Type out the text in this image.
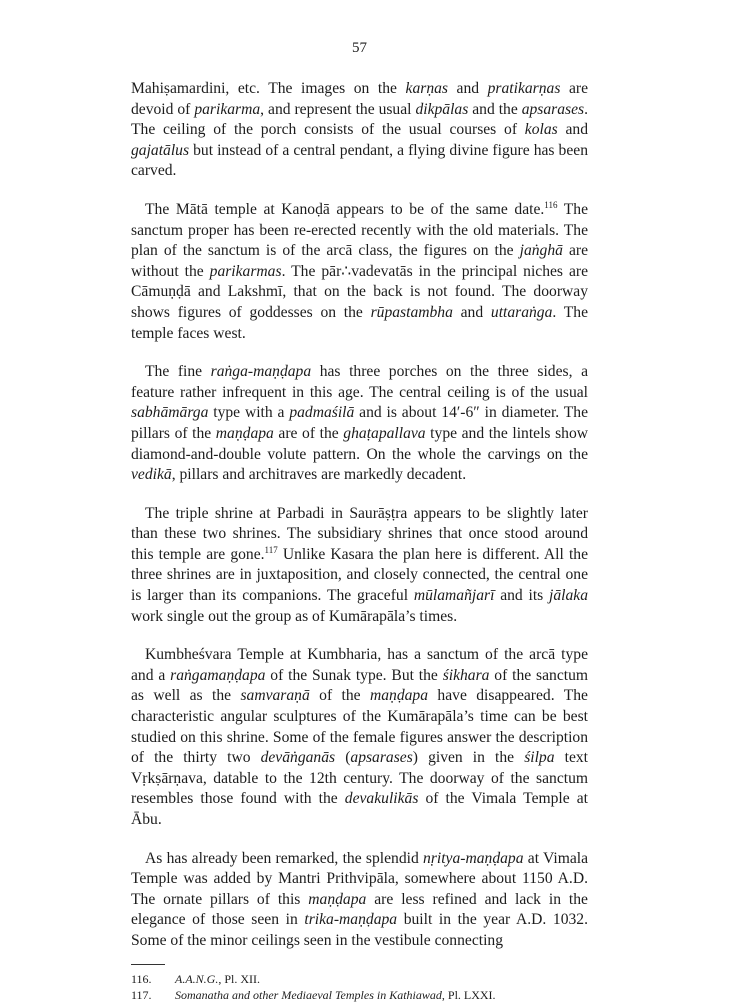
57

Mahiṣamardini, etc. The images on the karṇas and pratikarṇas are devoid of parikarma, and represent the usual dikpālas and the apsarases. The ceiling of the porch consists of the usual courses of kolas and gajatālus but instead of a central pendant, a flying divine figure has been carved.

The Mātā temple at Kanoḍā appears to be of the same date.$^{116}$ The sanctum proper has been re-erected recently with the old materials. The plan of the sanctum is of the arcā class, the figures on the jaṅghā are without the parikarmas. The pār∴vadevatās in the principal niches are Cāmuṇḍā and Lakshmī, that on the back is not found. The doorway shows figures of goddesses on the rūpastambha and uttaraṅga. The temple faces west.

The fine raṅga-maṇḍapa has three porches on the three sides, a feature rather infrequent in this age. The central ceiling is of the usual sabhāmārga type with a padmaśilā and is about 14′-6″ in diameter. The pillars of the maṇḍapa are of the ghaṭapallava type and the lintels show diamond-and-double volute pattern. On the whole the carvings on the vedikā, pillars and architraves are markedly decadent.

The triple shrine at Parbadi in Saurāṣṭra appears to be slightly later than these two shrines. The subsidiary shrines that once stood around this temple are gone.$^{117}$ Unlike Kasara the plan here is different. All the three shrines are in juxtaposition, and closely connected, the central one is larger than its companions. The graceful mūlamañjarī and its jālaka work single out the group as of Kumārapāla’s times.

Kumbheśvara Temple at Kumbharia, has a sanctum of the arcā type and a raṅgamaṇḍapa of the Sunak type. But the śikhara of the sanctum as well as the samvaraṇā of the maṇḍapa have disappeared. The characteristic angular sculptures of the Kumārapāla’s time can be best studied on this shrine. Some of the female figures answer the description of the thirty two devāṅganās (apsarases) given in the śilpa text Vṛkṣārṇava, datable to the 12th century. The doorway of the sanctum resembles those found with the devakulikās of the Vimala Temple at Ābu.

As has already been remarked, the splendid nṛitya-maṇḍapa at Vimala Temple was added by Mantri Prithvipāla, somewhere about 1150 A.D. The ornate pillars of this maṇḍapa are less refined and lack in the elegance of those seen in trika-maṇḍapa built in the year A.D. 1032. Some of the minor ceilings seen in the vestibule connecting

116.	A.A.N.G., Pl. XII.
117.	Somanatha and other Mediaeval Temples in Kathiawad, Pl. LXXI.
